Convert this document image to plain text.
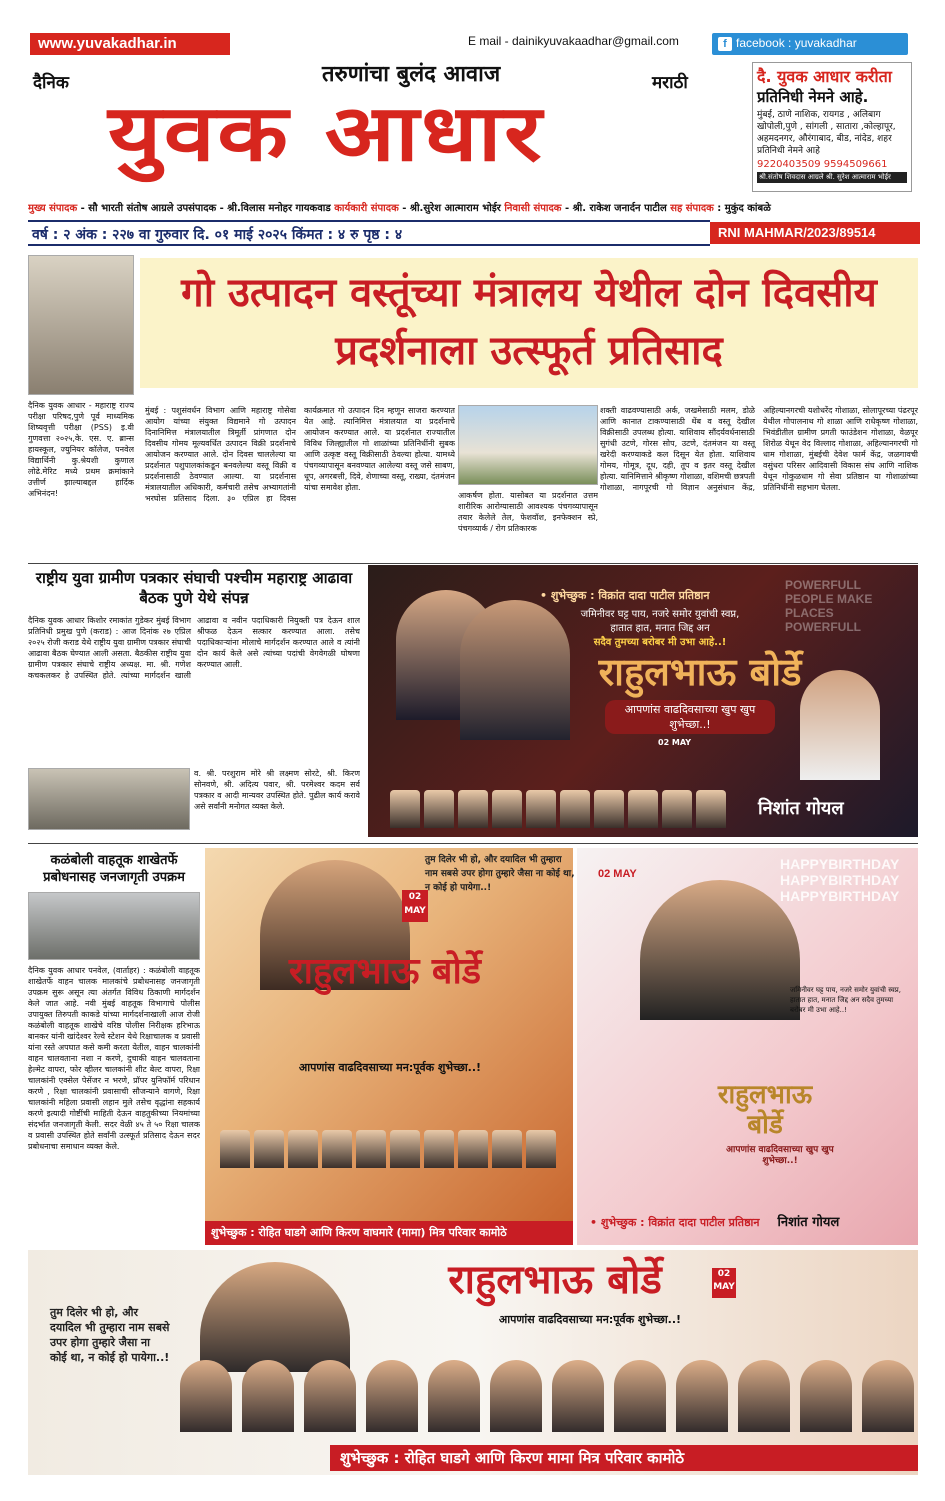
www.yuvakadhar.in	E mail - dainikyuvakaadhar@gmail.com	f facebook : yuvakadhar
तरुणांचा बुलंद आवाज
दैनिक	मराठी
युवक आधार
दै. युवक आधार करीता
प्रतिनिधी नेमने आहे.
मुंबई, ठाणे नाशिक, रायगड , अलिबाग खोपोली,पुणे , सांगली , सातारा ,कोल्हापूर, अहमदनगर, औरंगाबाद, बीड, नांदेड, शहर प्रतिनिधी नेमने आहे
9220403509 9594509661
श्री.संतोष शिवदास आग्रले श्री. सुरेश आत्माराम भोईर
मुख्य संपादक - सौ भारती संतोष आग्रले उपसंपादक - श्री.विलास मनोहर गायकवाड कार्यकारी संपादक - श्री.सुरेश आत्माराम भोईर निवासी संपादक - श्री. राकेश जनार्दन पाटील सह संपादक : मुकुंद कांबळे
वर्ष : २ अंक : २२७ वा गुरुवार दि. ०१ माई २०२५ किंमत : ४ रु पृष्ठ : ४	RNI MAHMAR/2023/89514
गो उत्पादन वस्तूंच्या मंत्रालय येथील दोन दिवसीय प्रदर्शनाला उत्स्फूर्त प्रतिसाद
दैनिक युवक आधार - महाराष्ट्र राज्य परीक्षा परिषद,पुणे पूर्व माध्यमिक शिष्यवृत्ती परीक्षा (PSS) इ.वी गुणवत्ता २०२५,के. एस. ए. ब्रान्स हायस्कूल, ज्युनियर कॉलेज, पनवेल विद्यार्थिनी कु.श्रेयशी कुणाल लोढे.मेरिट मध्ये प्रथम क्रमांकाने उत्तीर्ण झाल्याबद्दल हार्दिक अभिनंदन!
मुंबई : पशुसंवर्धन विभाग आणि महाराष्ट्र गोसेवा आयोग यांच्या संयुक्त विद्यमाने गो उत्पादन दिनानिमित्त मंत्रालयातील त्रिमूर्ती प्रांगणात दोन दिवसीय गोमय मूल्यवर्धित उत्पादन विक्री प्रदर्शनाचे आयोजन करण्यात आले. दोन दिवस चाललेल्या या प्रदर्शनात पशुपालकांकडून बनवलेल्या वस्तू विक्री व प्रदर्शनासाठी ठेवण्यात आल्या. या प्रदर्शनास मंत्रालयातील अधिकारी, कर्मचारी तसेच अभ्यागतांनी भरघोस प्रतिसाद दिला. ३० एप्रिल हा दिवस कार्यक्रमात गो उत्पादन दिन म्हणून साजरा करण्यात येत आहे. त्यानिमित्त मंत्रालयात या प्रदर्शनाचे आयोजन करण्यात आले. या प्रदर्शनात राज्यातील विविध जिल्ह्यातील गो शाळांच्या प्रतिनिधींनी सुबक आणि उत्कृष्ट वस्तू विक्रीसाठी ठेवल्या होत्या. यामध्ये पंचगव्यापासून बनवण्यात आलेल्या वस्तू जसे साबण, धूप, अगरबत्ती, दिवे, शेणाच्या वस्तू, राख्या, दंतमंजन यांचा समावेश होता.
आकर्षण होता. यासोबत या प्रदर्शनात उत्तम शारीरिक आरोग्यासाठी आवश्यक पंचगव्यापासून तयार केलेले तेल, फेशवॉश, इनफेक्शन स्प्रे, पंचगव्यार्क / रोग प्रतिकारक
शक्ती वाढवण्यासाठी अर्क, जखमेसाठी मलम, डोळे आणि कानात टाकण्यासाठी थेंब व वस्तू देखील विक्रीसाठी उपलब्ध होत्या. याशिवाय सौंदर्यवर्धनासाठी सुगंधी उटणे, गोरस सोप, उटणे, दंतमंजन या वस्तू खरेदी करण्याकडे कल दिसून येत होता. याशिवाय गोमय, गोमूत्र, दूध, दही, तूप व इतर वस्तू देखील होत्या. यानिमित्ताने श्रीकृष्ण गोशाळा, वशिमची छत्रपती गोशाळा, नागपूरची गो विज्ञान अनुसंधान केंद्र, अहिल्यानगरची यशोधरेंद गोशाळा, सोलापूरच्या पंढरपूर येथील गोपालनाथ गो शाळा आणि राधेकृष्ण गोशाळा, भिवंडीतील ग्रामीण प्रगती फाउंडेशन गोशाळा, वेळपूर शिरोळ येथून वेद विल्लाद गोशाळा, अहिल्यानगरची गो धाम गोशाळा, मुंबईची देवेश फार्म केंद्र, जळगावची वसुंधरा परिसर आदिवासी विकास संघ आणि नाशिक येथून गोकुळधाम गो सेवा प्रतिष्ठान या गोशाळांच्या प्रतिनिधींनी सहभाग घेतला.
राष्ट्रीय युवा ग्रामीण पत्रकार संघाची पश्चीम महाराष्ट्र आढावा बैठक पुणे येथे संपन्न
दैनिक युवक आधार किशोर रमाकांत गुडेकर मुंबई विभाग प्रतिनिधी प्रमुख पुणे (कराड) : आज दिनांक २७ एप्रिल २०२५ रोजी कराड येथे राष्ट्रीय युवा ग्रामीण पत्रकार संघाची आढावा बैठक घेण्यात आली असता. बैठकीस राष्ट्रीय युवा ग्रामीण पत्रकार संघाचे राष्ट्रीय अध्यक्ष. मा. श्री. गणेश कचकलकर हे उपस्थित होते. त्यांच्या मार्गदर्शन खाली आढावा व नवीन पदाधिकारी नियुक्ती पत्र देऊन शाल श्रीफळ देऊन सत्कार करण्यात आला. तसेच पदाधिकाऱ्यांना मोलाचे मार्गदर्शन करण्यात आले व त्यांनी दोन कार्य केले असे त्यांच्या पदांची वेगवेगळी घोषणा करण्यात आली.
व. श्री. परशुराम मोरे श्री लक्ष्मण सोरटे, श्री. किरण सोनवणे, श्री. अदित्य पवार, श्री. परमेश्वर कदम सर्व पत्रकार व आदी मान्यवर उपस्थित होते. पुढील कार्य करावे असे सर्वांनी मनोगत व्यक्त केले.
POWERFULL PEOPLE MAKE PLACES POWERFULL
• शुभेच्छुक : विक्रांत दादा पाटील प्रतिष्ठान
जमिनीवर घट्ट पाय, नजरे समोर युवांची स्वप्न,
हातात हात, मनात जिद्द अन
सदैव तुमच्या बरोबर मी उभा आहे..!
राहुलभाऊ बोर्डे
आपणांस वाढदिवसाच्या खुप खुप शुभेच्छा..!
02 MAY
निशांत गोयल
कळंबोली वाहतूक शाखेतर्फे प्रबोधनासह जनजागृती उपक्रम
दैनिक युवक आधार पनवेल, (वार्ताहर) : कळंबोली वाहतूक शाखेतर्फे वाहन चालक मालकांचे प्रबोधनासह जनजागृती उपक्रम सुरू असून त्या अंतर्गत विविध ठिकाणी मार्गदर्शन केले जात आहे. नवी मुंबई वाहतूक विभागाचे पोलीस उपायुक्त तिरुपती काकडे यांच्या मार्गदर्शनाखाली आज रोजी कळंबोली वाहतूक शाखेचे वरिष्ठ पोलीस निरीक्षक हरिभाऊ बानकर यांनी खांदेश्वर रेल्वे स्टेशन येथे रिक्षाचालक व प्रवासी यांना रस्ते अपघात कसे कमी करता येतील, वाहन चालकांनी वाहन चालवताना नशा न करणे, दुचाकी वाहन चालवताना हेल्मेट वापरा, फोर व्हीलर चालकांनी शीट बेल्ट वापरा, रिक्षा चालकांनी एक्सेल पेसेंजर न भरणे, प्रॉपर युनिफॉर्म परिधान करणे , रिक्षा चालकांनी प्रवासाची सौजन्याने वागणे, रिक्षा चालकांनी महिला प्रवासी लहान मुले तसेच वृद्धांना सहकार्य करणे इत्यादी गोष्टींची माहिती देऊन वाहतुकीच्या नियमांच्या संदर्भात जनजागृती केली. सदर वेळी ४५ ते ५० रिक्षा चालक व प्रवासी उपस्थित होते सर्वांनी उत्स्फूर्त प्रतिसाद देऊन सदर प्रबोधनाचा समाधान व्यक्त केले.
02
MAY
तुम दिलेर भी हो, और दयादिल भी तुम्हारा नाम सबसे उपर होगा तुम्हारे जैसा ना कोई था, न कोई हो पायेगा..!
राहुलभाऊ बोर्डे
आपणांस वाढदिवसाच्या मन:पूर्वक शुभेच्छा..!
शुभेच्छुक : रोहित घाडगे आणि किरण वाघमारे (मामा) मित्र परिवार कामोठे
HAPPYBIRTHDAY HAPPYBIRTHDAY HAPPYBIRTHDAY
02 MAY
जमिनीवर घट्ट पाय, नजरे समोर युवांची स्वप्न, हातात हात, मनात जिद्द अन सदैव तुमच्या बरोबर मी उभा आहे..!
राहुलभाऊ बोर्डे
आपणांस वाढदिवसाच्या खुप खुप शुभेच्छा..!
• शुभेच्छुक : विक्रांत दादा पाटील प्रतिष्ठान निशांत गोयल
तुम दिलेर भी हो, और दयादिल भी तुम्हारा नाम सबसे उपर होगा तुम्हारे जैसा ना कोई था, न कोई हो पायेगा..!
राहुलभाऊ बोर्डे	02
MAY
आपणांस वाढदिवसाच्या मन:पूर्वक शुभेच्छा..!
शुभेच्छुक : रोहित घाडगे आणि किरण मामा मित्र परिवार कामोठे
